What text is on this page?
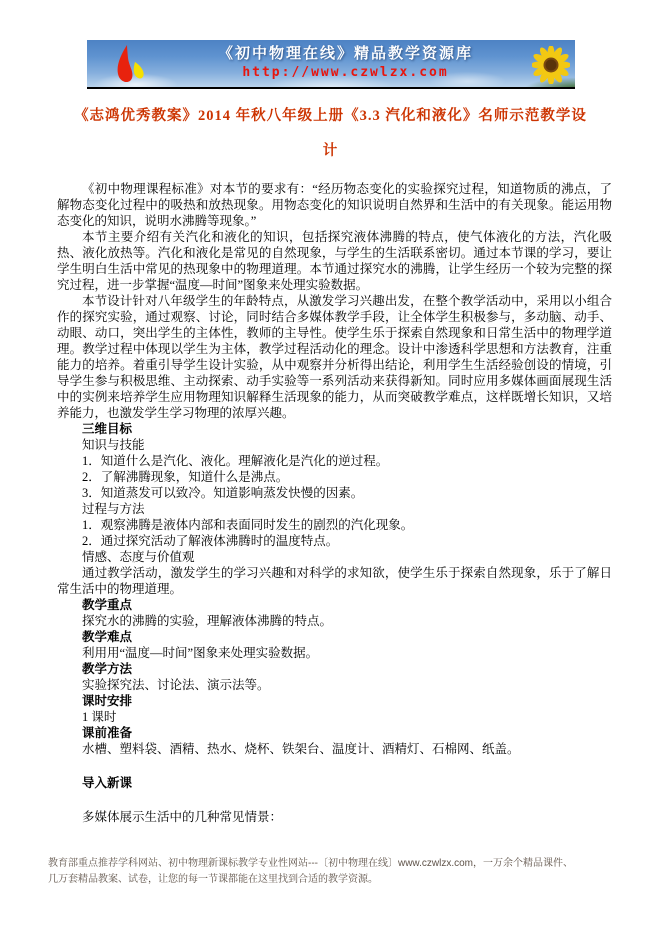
《初中物理在线》精品教学资源库
http://www.czwlzx.com
《志鸿优秀教案》2014 年秋八年级上册《3.3 汽化和液化》名师示范教学设
计
《初中物理课程标准》对本节的要求有：“经历物态变化的实验探究过程，知道物质的沸点，了解物态变化过程中的吸热和放热现象。用物态变化的知识说明自然界和生活中的有关现象。能运用物态变化的知识，说明水沸腾等现象。”
本节主要介绍有关汽化和液化的知识，包括探究液体沸腾的特点，使气体液化的方法，汽化吸热、液化放热等。汽化和液化是常见的自然现象，与学生的生活联系密切。通过本节课的学习，要让学生明白生活中常见的热现象中的物理道理。本节通过探究水的沸腾，让学生经历一个较为完整的探究过程，进一步掌握“温度—时间”图象来处理实验数据。
本节设计针对八年级学生的年龄特点，从激发学习兴趣出发，在整个教学活动中，采用以小组合作的探究实验，通过观察、讨论，同时结合多媒体教学手段，让全体学生积极参与，多动脑、动手、动眼、动口，突出学生的主体性，教师的主导性。使学生乐于探索自然现象和日常生活中的物理学道理。教学过程中体现以学生为主体，教学过程活动化的理念。设计中渗透科学思想和方法教育，注重能力的培养。着重引导学生设计实验，从中观察并分析得出结论，利用学生生活经验创设的情境，引导学生参与积极思维、主动探索、动手实验等一系列活动来获得新知。同时应用多媒体画面展现生活中的实例来培养学生应用物理知识解释生活现象的能力，从而突破教学难点，这样既增长知识，又培养能力，也激发学生学习物理的浓厚兴趣。
三维目标
知识与技能
1．知道什么是汽化、液化。理解液化是汽化的逆过程。
2．了解沸腾现象，知道什么是沸点。
3．知道蒸发可以致冷。知道影响蒸发快慢的因素。
过程与方法
1．观察沸腾是液体内部和表面同时发生的剧烈的汽化现象。
2．通过探究活动了解液体沸腾时的温度特点。
情感、态度与价值观
通过教学活动，激发学生的学习兴趣和对科学的求知欲，使学生乐于探索自然现象，乐于了解日常生活中的物理道理。
教学重点
探究水的沸腾的实验，理解液体沸腾的特点。
教学难点
利用用“温度—时间”图象来处理实验数据。
教学方法
实验探究法、讨论法、演示法等。
课时安排
1 课时
课前准备
水槽、塑料袋、酒精、热水、烧杯、铁架台、温度计、酒精灯、石棉网、纸盖。
导入新课
多媒体展示生活中的几种常见情景：
教育部重点推荐学科网站、初中物理新课标教学专业性网站---〔初中物理在线〕www.czwlzx.com，一万余个精品课件、
几万套精品教案、试卷，让您的每一节课都能在这里找到合适的教学资源。
